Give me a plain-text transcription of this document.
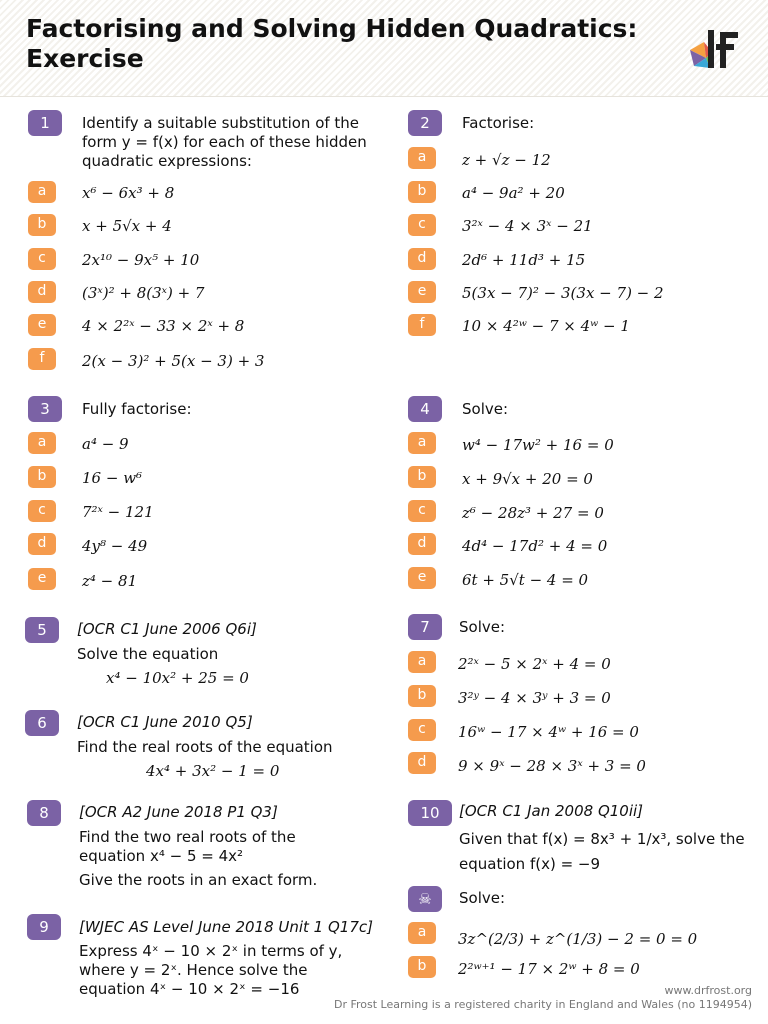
Factorising and Solving Hidden Quadratics:
Exercise
df
1	Identify a suitable substitution of the form y = f(x) for each of these hidden quadratic expressions:
a	x⁶ − 6x³ + 8
b	x + 5√x + 4
c	2x¹⁰ − 9x⁵ + 10
d	(3ˣ)² + 8(3ˣ) + 7
e	4 × 2²ˣ − 33 × 2ˣ + 8
f	2(x − 3)² + 5(x − 3) + 3
2	Factorise:
a	z + √z − 12
b	a⁴ − 9a² + 20
c	3²ˣ − 4 × 3ˣ − 21
d	2d⁶ + 11d³ + 15
e	5(3x − 7)² − 3(3x − 7) − 2
f	10 × 4²ʷ − 7 × 4ʷ − 1
3	Fully factorise:
a	a⁴ − 9
b	16 − w⁶
c	7²ˣ − 121
d	4y⁸ − 49
e	z⁴ − 81
4	Solve:
a	w⁴ − 17w² + 16 = 0
b	x + 9√x + 20 = 0
c	z⁶ − 28z³ + 27 = 0
d	4d⁴ − 17d² + 4 = 0
e	6t + 5√t − 4 = 0
5	[OCR C1 June 2006 Q6i]
Solve the equation
x⁴ − 10x² + 25 = 0
6	[OCR C1 June 2010 Q5]
Find the real roots of the equation
4x⁴ + 3x² − 1 = 0
7	Solve:
a	2²ˣ − 5 × 2ˣ + 4 = 0
b	3²ʸ − 4 × 3ʸ + 3 = 0
c	16ʷ − 17 × 4ʷ + 16 = 0
d	9 × 9ˣ − 28 × 3ˣ + 3 = 0
8	[OCR A2 June 2018 P1 Q3]
Find the two real roots of the
equation x⁴ − 5 = 4x²
Give the roots in an exact form.
10	[OCR C1 Jan 2008 Q10ii]
Given that f(x) = 8x³ + 1/x³, solve the
equation f(x) = −9
9	[WJEC AS Level June 2018 Unit 1 Q17c]
Express 4ˣ − 10 × 2ˣ in terms of y,
where y = 2ˣ. Hence solve the
equation 4ˣ − 10 × 2ˣ = −16
☠	Solve:
a	3z^(2/3) + z^(1/3) − 2 = 0 = 0
b	2²ʷ⁺¹ − 17 × 2ʷ + 8 = 0
www.drfrost.org
Dr Frost Learning is a registered charity in England and Wales (no 1194954)
